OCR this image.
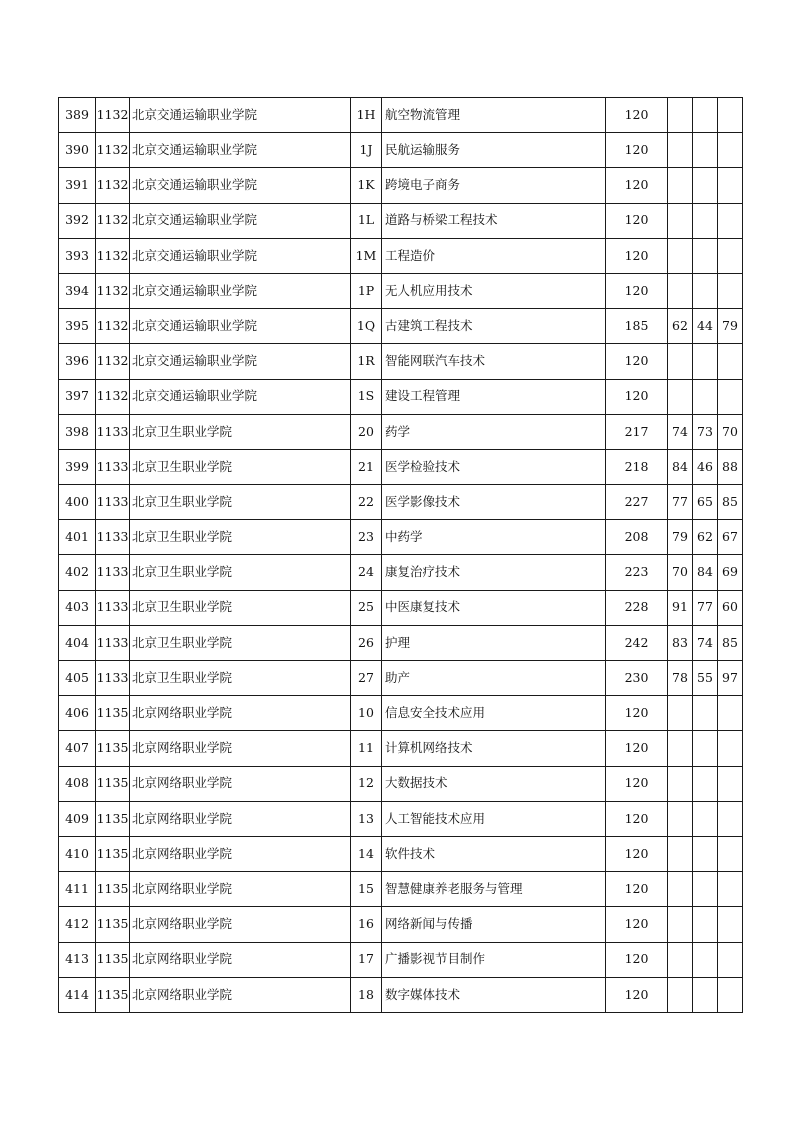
389	1132	北京交通运输职业学院	1H	航空物流管理	120			
390	1132	北京交通运输职业学院	1J	民航运输服务	120			
391	1132	北京交通运输职业学院	1K	跨境电子商务	120			
392	1132	北京交通运输职业学院	1L	道路与桥梁工程技术	120			
393	1132	北京交通运输职业学院	1M	工程造价	120			
394	1132	北京交通运输职业学院	1P	无人机应用技术	120			
395	1132	北京交通运输职业学院	1Q	古建筑工程技术	185	62	44	79
396	1132	北京交通运输职业学院	1R	智能网联汽车技术	120			
397	1132	北京交通运输职业学院	1S	建设工程管理	120			
398	1133	北京卫生职业学院	20	药学	217	74	73	70
399	1133	北京卫生职业学院	21	医学检验技术	218	84	46	88
400	1133	北京卫生职业学院	22	医学影像技术	227	77	65	85
401	1133	北京卫生职业学院	23	中药学	208	79	62	67
402	1133	北京卫生职业学院	24	康复治疗技术	223	70	84	69
403	1133	北京卫生职业学院	25	中医康复技术	228	91	77	60
404	1133	北京卫生职业学院	26	护理	242	83	74	85
405	1133	北京卫生职业学院	27	助产	230	78	55	97
406	1135	北京网络职业学院	10	信息安全技术应用	120			
407	1135	北京网络职业学院	11	计算机网络技术	120			
408	1135	北京网络职业学院	12	大数据技术	120			
409	1135	北京网络职业学院	13	人工智能技术应用	120			
410	1135	北京网络职业学院	14	软件技术	120			
411	1135	北京网络职业学院	15	智慧健康养老服务与管理	120			
412	1135	北京网络职业学院	16	网络新闻与传播	120			
413	1135	北京网络职业学院	17	广播影视节目制作	120			
414	1135	北京网络职业学院	18	数字媒体技术	120			
